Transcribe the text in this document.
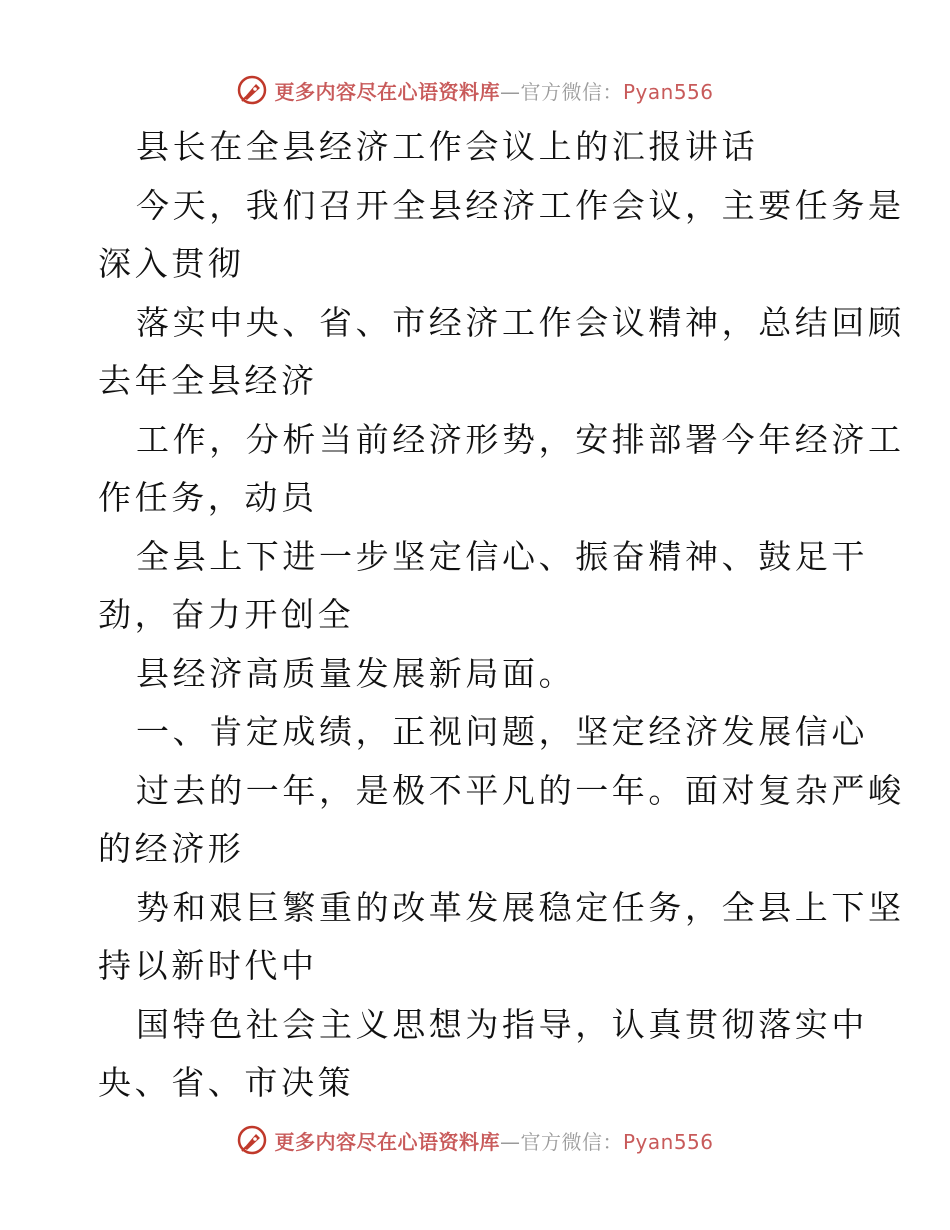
更多内容尽在心语资料库—官方微信：Pyan556

县长在全县经济工作会议上的汇报讲话

今天，我们召开全县经济工作会议，主要任务是

深入贯彻

落实中央、省、市经济工作会议精神，总结回顾

去年全县经济

工作，分析当前经济形势，安排部署今年经济工

作任务，动员

全县上下进一步坚定信心、振奋精神、鼓足干

劲，奋力开创全

县经济高质量发展新局面。

一、肯定成绩，正视问题，坚定经济发展信心

过去的一年，是极不平凡的一年。面对复杂严峻

的经济形

势和艰巨繁重的改革发展稳定任务，全县上下坚

持以新时代中

国特色社会主义思想为指导，认真贯彻落实中

央、省、市决策

更多内容尽在心语资料库—官方微信：Pyan556
